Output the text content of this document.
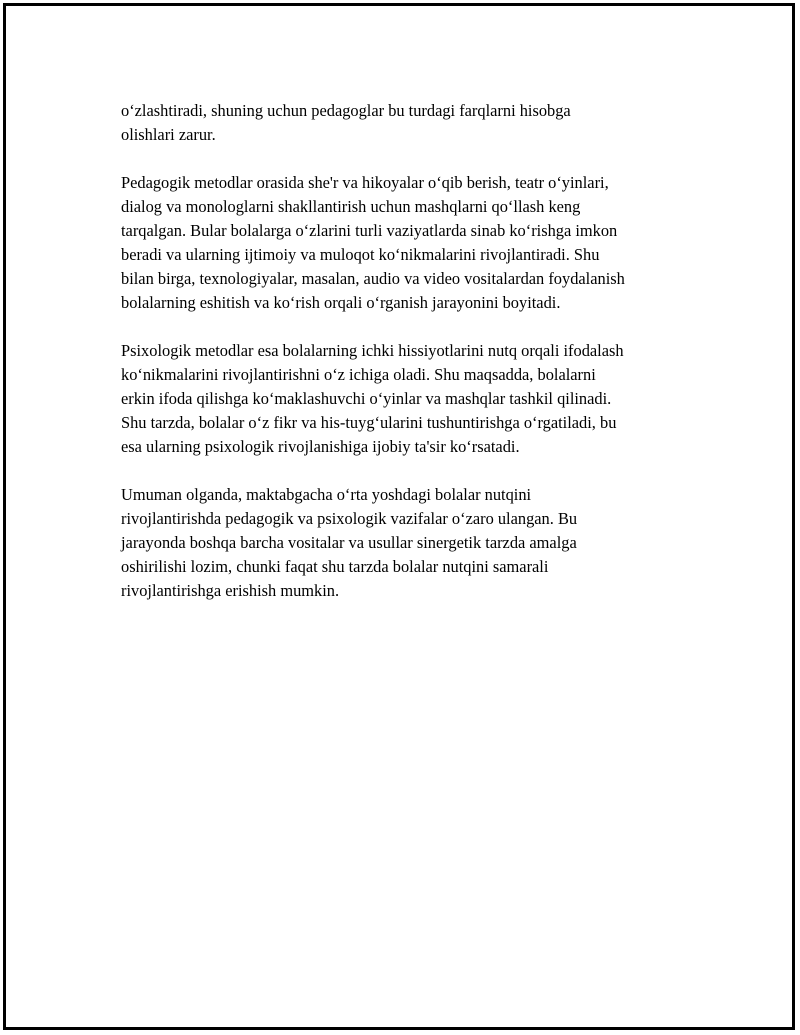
o‘zlashtiradi, shuning uchun pedagoglar bu turdagi farqlarni hisobga
olishlari zarur.

Pedagogik metodlar orasida she'r va hikoyalar o‘qib berish, teatr o‘yinlari,
dialog va monologlarni shakllantirish uchun mashqlarni qo‘llash keng
tarqalgan. Bular bolalarga o‘zlarini turli vaziyatlarda sinab ko‘rishga imkon
beradi va ularning ijtimoiy va muloqot ko‘nikmalarini rivojlantiradi. Shu
bilan birga, texnologiyalar, masalan, audio va video vositalardan foydalanish
bolalarning eshitish va ko‘rish orqali o‘rganish jarayonini boyitadi.

Psixologik metodlar esa bolalarning ichki hissiyotlarini nutq orqali ifodalash
ko‘nikmalarini rivojlantirishni o‘z ichiga oladi. Shu maqsadda, bolalarni
erkin ifoda qilishga ko‘maklashuvchi o‘yinlar va mashqlar tashkil qilinadi.
Shu tarzda, bolalar o‘z fikr va his-tuyg‘ularini tushuntirishga o‘rgatiladi, bu
esa ularning psixologik rivojlanishiga ijobiy ta'sir ko‘rsatadi.

Umuman olganda, maktabgacha o‘rta yoshdagi bolalar nutqini
rivojlantirishda pedagogik va psixologik vazifalar o‘zaro ulangan. Bu
jarayonda boshqa barcha vositalar va usullar sinergetik tarzda amalga
oshirilishi lozim, chunki faqat shu tarzda bolalar nutqini samarali
rivojlantirishga erishish mumkin.
